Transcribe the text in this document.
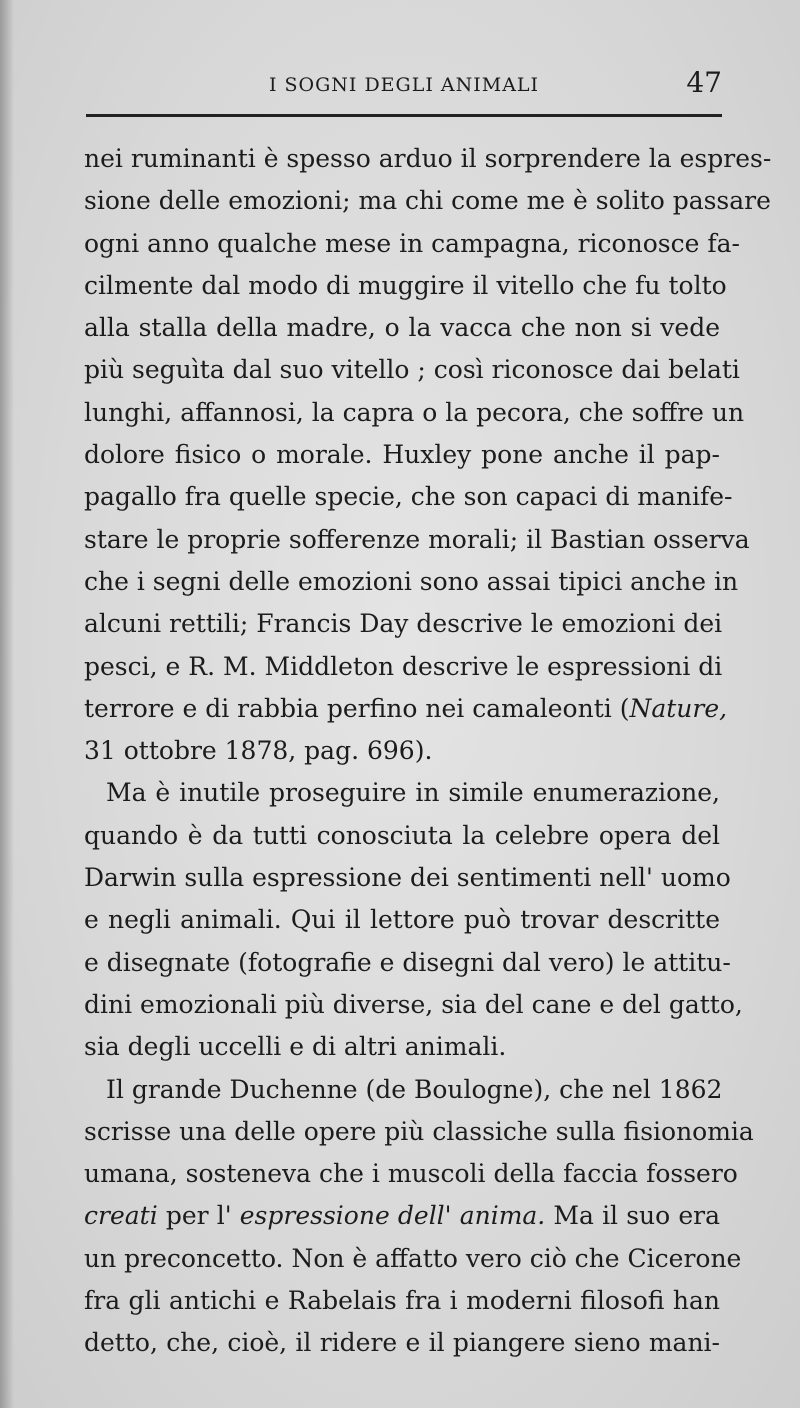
I SOGNI DEGLI ANIMALI	47
nei ruminanti è spesso arduo il sorprendere la espres-
sione delle emozioni; ma chi come me è solito passare
ogni anno qualche mese in campagna, riconosce fa-
cilmente dal modo di muggire il vitello che fu tolto
alla stalla della madre, o la vacca che non si vede
più seguìta dal suo vitello ; così riconosce dai belati
lunghi, affannosi, la capra o la pecora, che soffre un
dolore fisico o morale. Huxley pone anche il pap-
pagallo fra quelle specie, che son capaci di manife-
stare le proprie sofferenze morali; il Bastian osserva
che i segni delle emozioni sono assai tipici anche in
alcuni rettili; Francis Day descrive le emozioni dei
pesci, e R. M. Middleton descrive le espressioni di
terrore e di rabbia perfino nei camaleonti (Nature,
31 ottobre 1878, pag. 696).
Ma è inutile proseguire in simile enumerazione,
quando è da tutti conosciuta la celebre opera del
Darwin sulla espressione dei sentimenti nell' uomo
e negli animali. Qui il lettore può trovar descritte
e disegnate (fotografie e disegni dal vero) le attitu-
dini emozionali più diverse, sia del cane e del gatto,
sia degli uccelli e di altri animali.
Il grande Duchenne (de Boulogne), che nel 1862
scrisse una delle opere più classiche sulla fisionomia
umana, sosteneva che i muscoli della faccia fossero
creati per l' espressione dell' anima. Ma il suo era
un preconcetto. Non è affatto vero ciò che Cicerone
fra gli antichi e Rabelais fra i moderni filosofi han
detto, che, cioè, il ridere e il piangere sieno mani-
